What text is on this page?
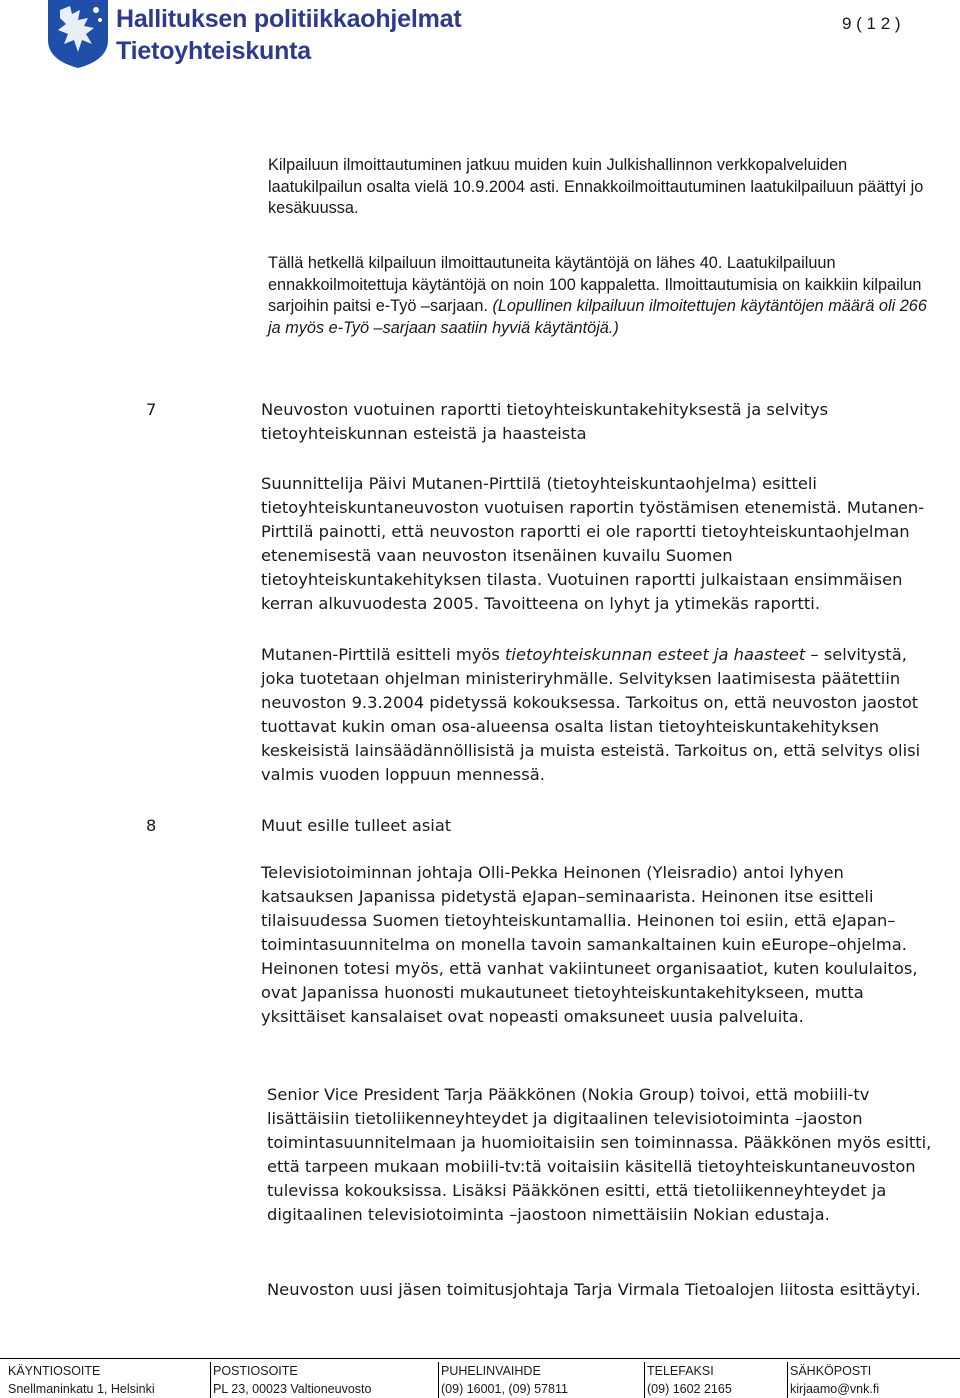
Hallituksen politiikkaohjelmat
Tietoyhteiskunta
9 ( 1 2 )

Kilpailuun ilmoittautuminen jatkuu muiden kuin Julkishallinnon verkkopalveluiden laatukilpailun osalta vielä 10.9.2004 asti. Ennakkoilmoittautuminen laatukilpailuun päättyi jo kesäkuussa.

Tällä hetkellä kilpailuun ilmoittautuneita käytäntöjä on lähes 40. Laatukilpailuun ennakkoilmoitettuja käytäntöjä on noin 100 kappaletta. Ilmoittautumisia on kaikkiin kilpailun sarjoihin paitsi e-Työ –sarjaan. (Lopullinen kilpailuun ilmoitettujen käytäntöjen määrä oli 266 ja myös e-Työ –sarjaan saatiin hyviä käytäntöjä.)

7	Neuvoston vuotuinen raportti tietoyhteiskuntakehityksestä ja selvitys tietoyhteiskunnan esteistä ja haasteista

Suunnittelija Päivi Mutanen-Pirttilä (tietoyhteiskuntaohjelma) esitteli tietoyhteiskuntaneuvoston vuotuisen raportin työstämisen etenemistä. Mutanen-Pirttilä painotti, että neuvoston raportti ei ole raportti tietoyhteiskuntaohjelman etenemisestä vaan neuvoston itsenäinen kuvailu Suomen tietoyhteiskuntakehityksen tilasta. Vuotuinen raportti julkaistaan ensimmäisen kerran alkuvuodesta 2005. Tavoitteena on lyhyt ja ytimekäs raportti.

Mutanen-Pirttilä esitteli myös tietoyhteiskunnan esteet ja haasteet – selvitystä, joka tuotetaan ohjelman ministeriryhmälle. Selvityksen laatimisesta päätettiin neuvoston 9.3.2004 pidetyssä kokouksessa. Tarkoitus on, että neuvoston jaostot tuottavat kukin oman osa-alueensa osalta listan tietoyhteiskuntakehityksen keskeisistä lainsäädännöllisistä ja muista esteistä. Tarkoitus on, että selvitys olisi valmis vuoden loppuun mennessä.

8	Muut esille tulleet asiat

Televisiotoiminnan johtaja Olli-Pekka Heinonen (Yleisradio) antoi lyhyen katsauksen Japanissa pidetystä eJapan–seminaarista. Heinonen itse esitteli tilaisuudessa Suomen tietoyhteiskuntamallia. Heinonen toi esiin, että eJapan–toimintasuunnitelma on monella tavoin samankaltainen kuin eEurope–ohjelma. Heinonen totesi myös, että vanhat vakiintuneet organisaatiot, kuten koululaitos, ovat Japanissa huonosti mukautuneet tietoyhteiskuntakehitykseen, mutta yksittäiset kansalaiset ovat nopeasti omaksuneet uusia palveluita.

Senior Vice President Tarja Pääkkönen (Nokia Group) toivoi, että mobiili-tv lisättäisiin tietoliikenneyhteydet ja digitaalinen televisiotoiminta –jaoston toimintasuunnitelmaan ja huomioitaisiin sen toiminnassa. Pääkkönen myös esitti, että tarpeen mukaan mobiili-tv:tä voitaisiin käsitellä tietoyhteiskuntaneuvoston tulevissa kokouksissa. Lisäksi Pääkkönen esitti, että tietoliikenneyhteydet ja digitaalinen televisiotoiminta –jaostoon nimettäisiin Nokian edustaja.

Neuvoston uusi jäsen toimitusjohtaja Tarja Virmala Tietoalojen liitosta esittäytyi.

KÄYNTIOSOITE
Snellmaninkatu 1, Helsinki
POSTIOSOITE
PL 23, 00023 Valtioneuvosto
PUHELINVAIHDE
(09) 16001, (09) 57811
TELEFAKSI
(09) 1602 2165
SÄHKÖPOSTI
kirjaamo@vnk.fi
